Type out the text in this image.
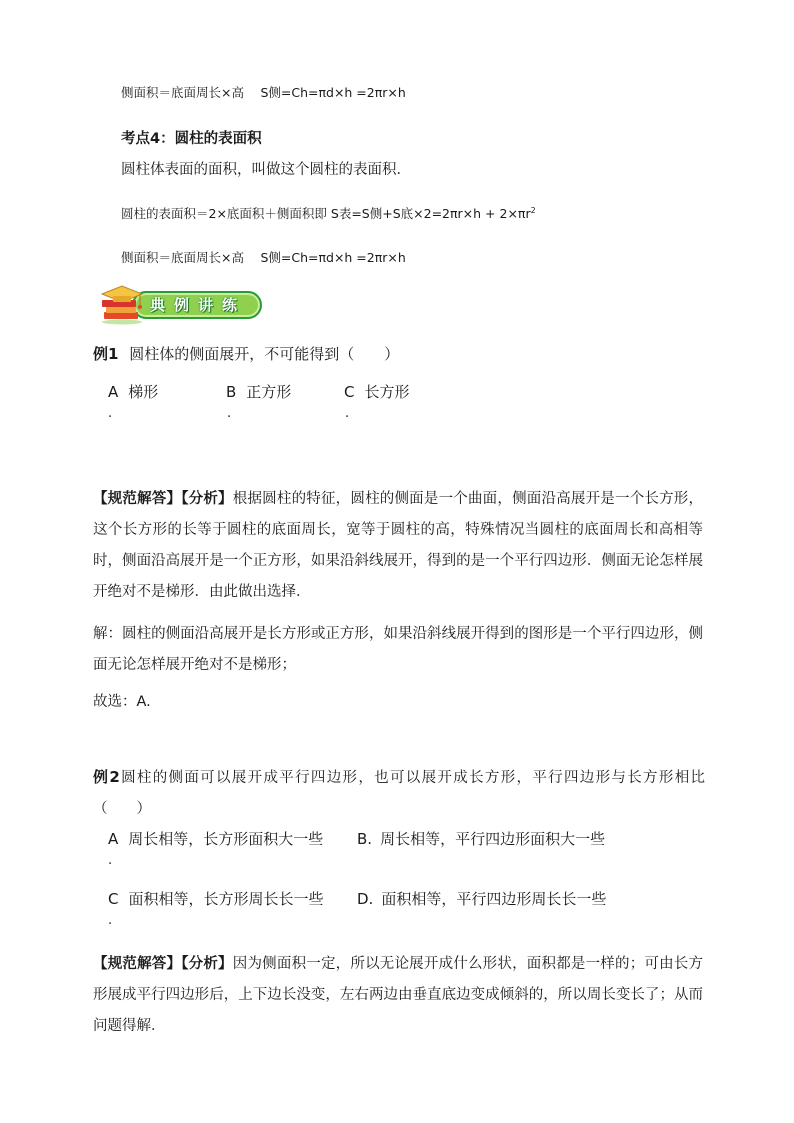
侧面积＝底面周长×高　 S侧=Ch=πd×h =2πr×h
考点4：圆柱的表面积
圆柱体表面的面积，叫做这个圆柱的表面积．
圆柱的表面积＝2×底面积＋侧面积即 S表=S侧+S底$\times 2=2\pi r\times h + 2\times\pi r^2$
侧面积＝底面周长×高　 S侧=Ch=πd×h =2πr×h
典例讲练
例1 圆柱体的侧面展开，不可能得到（　　）
A 梯形	B 正方形	C 长方形
.	.	.
【规范解答】【分析】根据圆柱的特征，圆柱的侧面是一个曲面，侧面沿高展开是一个长方形，这个长方形的长等于圆柱的底面周长，宽等于圆柱的高，特殊情况当圆柱的底面周长和高相等时，侧面沿高展开是一个正方形，如果沿斜线展开，得到的是一个平行四边形．侧面无论怎样展开绝对不是梯形．由此做出选择．
解：圆柱的侧面沿高展开是长方形或正方形，如果沿斜线展开得到的图形是一个平行四边形，侧面无论怎样展开绝对不是梯形；
故选：A.
例2圆柱的侧面可以展开成平行四边形，也可以展开成长方形，平行四边形与长方形相比（　　）
A 周长相等，长方形面积大一些 B. 周长相等，平行四边形面积大一些
.
C 面积相等，长方形周长长一些 D. 面积相等，平行四边形周长长一些
.
【规范解答】【分析】因为侧面积一定，所以无论展开成什么形状，面积都是一样的；可由长方形展成平行四边形后，上下边长没变，左右两边由垂直底边变成倾斜的，所以周长变长了；从而问题得解．
